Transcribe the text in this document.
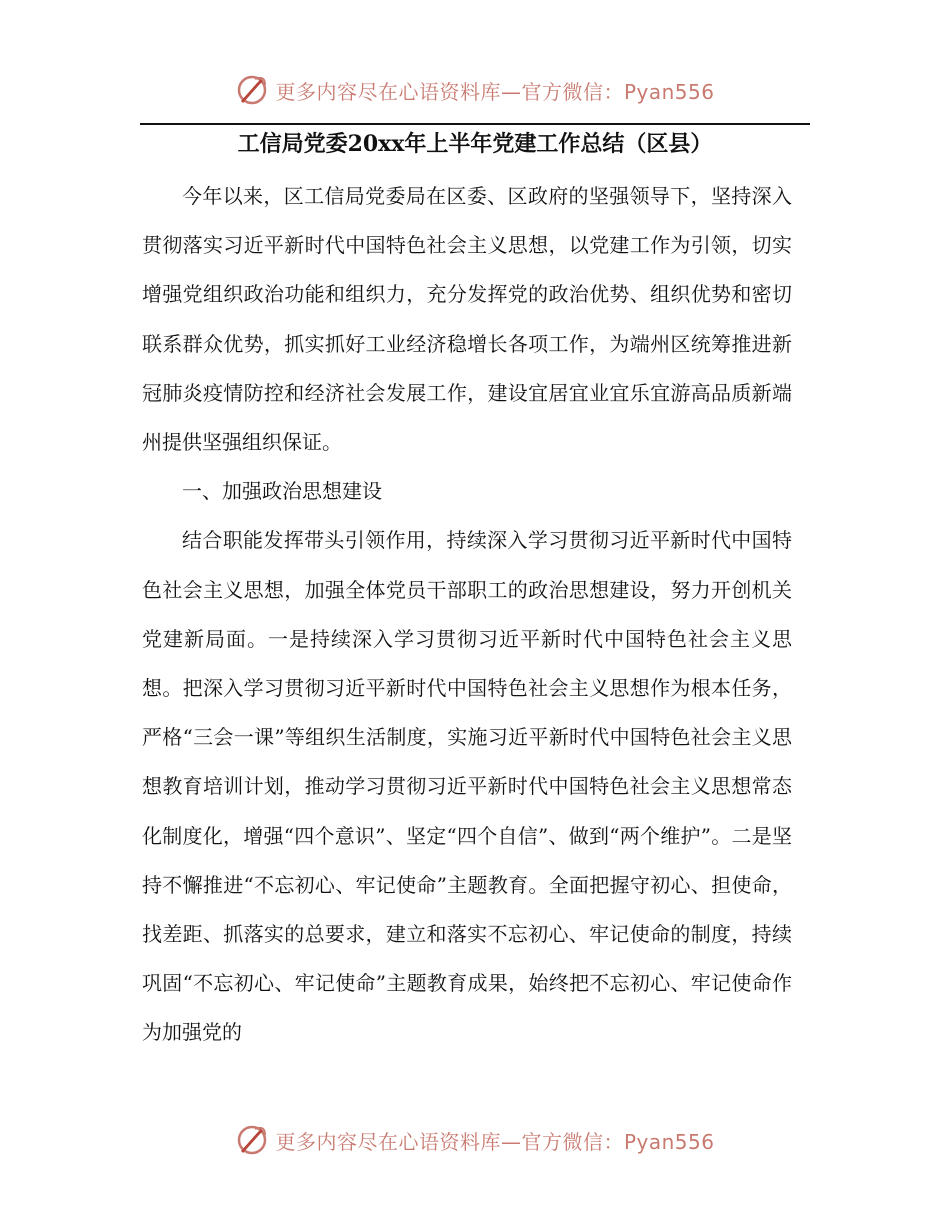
更多内容尽在心语资料库—官方微信：Pyan556
工信局党委20xx年上半年党建工作总结（区县）

今年以来，区工信局党委局在区委、区政府的坚强领导下，坚持深入贯彻落实习近平新时代中国特色社会主义思想，以党建工作为引领，切实增强党组织政治功能和组织力，充分发挥党的政治优势、组织优势和密切联系群众优势，抓实抓好工业经济稳增长各项工作，为端州区统筹推进新冠肺炎疫情防控和经济社会发展工作，建设宜居宜业宜乐宜游高品质新端州提供坚强组织保证。

一、加强政治思想建设

结合职能发挥带头引领作用，持续深入学习贯彻习近平新时代中国特色社会主义思想，加强全体党员干部职工的政治思想建设，努力开创机关党建新局面。一是持续深入学习贯彻习近平新时代中国特色社会主义思想。把深入学习贯彻习近平新时代中国特色社会主义思想作为根本任务，严格“三会一课”等组织生活制度，实施习近平新时代中国特色社会主义思想教育培训计划，推动学习贯彻习近平新时代中国特色社会主义思想常态化制度化，增强“四个意识”、坚定“四个自信”、做到“两个维护”。二是坚持不懈推进“不忘初心、牢记使命”主题教育。全面把握守初心、担使命，找差距、抓落实的总要求，建立和落实不忘初心、牢记使命的制度，持续巩固“不忘初心、牢记使命”主题教育成果，始终把不忘初心、牢记使命作为加强党的

更多内容尽在心语资料库—官方微信：Pyan556
